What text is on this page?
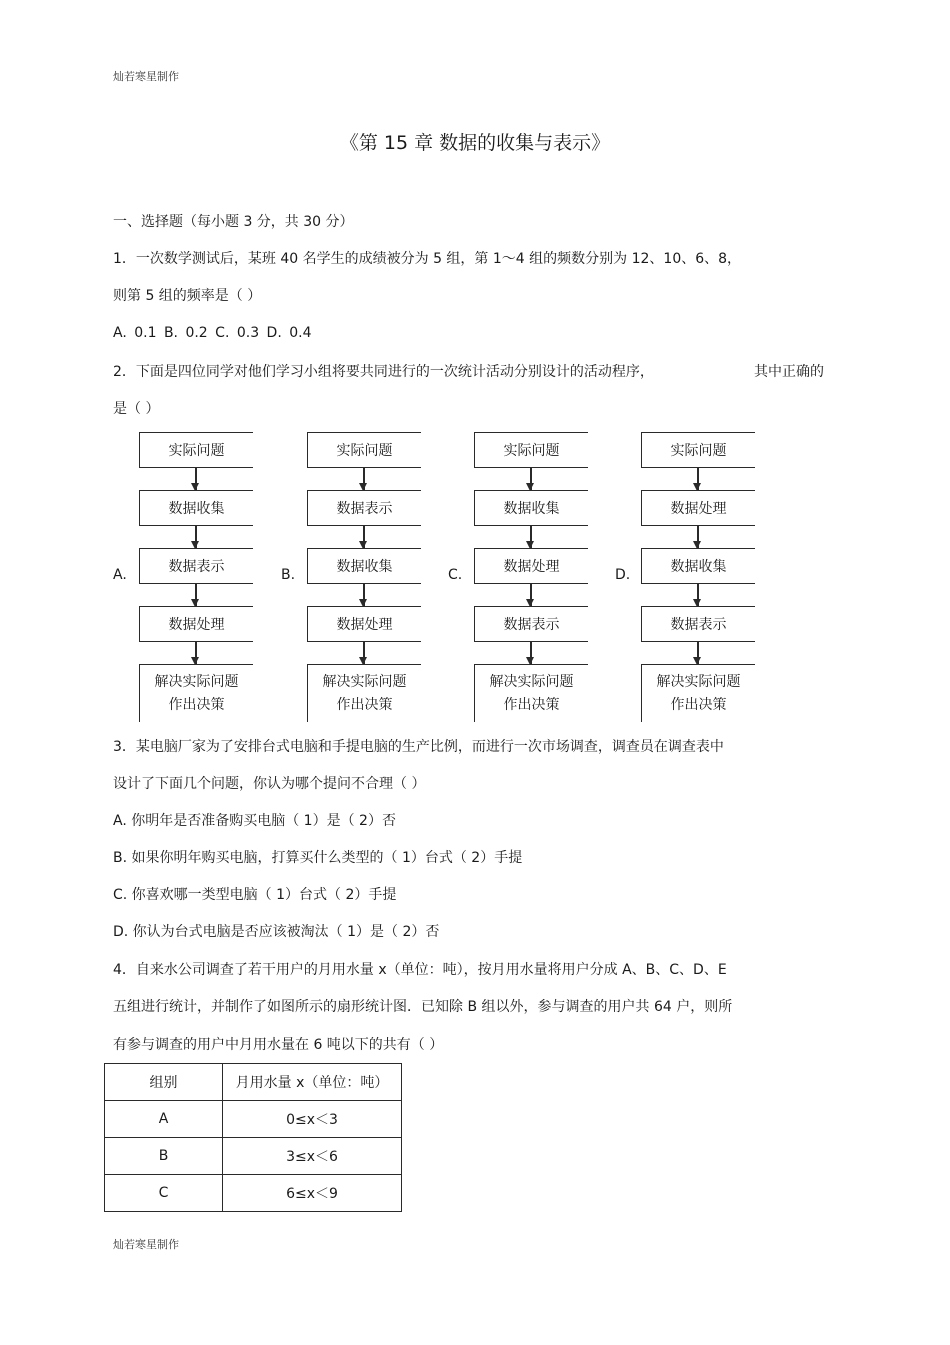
灿若寒星制作
《第 15 章 数据的收集与表示》
一、选择题（每小题 3 分，共 30 分）
1．一次数学测试后，某班 40 名学生的成绩被分为 5 组，第 1～4 组的频数分别为 12、10、6、8，
则第 5 组的频率是（ ）
A. 0.1 B. 0.2 C. 0.3 D. 0.4
2．下面是四位同学对他们学习小组将要共同进行的一次统计活动分别设计的活动程序，	其中正确的
是（ ）
A.
实际问题
数据收集
数据表示
数据处理
解决实际问题
作出决策
B.
实际问题
数据表示
数据收集
数据处理
解决实际问题
作出决策
C.
实际问题
数据收集
数据处理
数据表示
解决实际问题
作出决策
D.
实际问题
数据处理
数据收集
数据表示
解决实际问题
作出决策
3．某电脑厂家为了安排台式电脑和手提电脑的生产比例，而进行一次市场调查，调查员在调查表中
设计了下面几个问题，你认为哪个提问不合理（ ）
A. 你明年是否准备购买电脑（ 1）是（ 2）否
B. 如果你明年购买电脑，打算买什么类型的（ 1）台式（ 2）手提
C. 你喜欢哪一类型电脑（ 1）台式（ 2）手提
D. 你认为台式电脑是否应该被淘汰（ 1）是（ 2）否
4．自来水公司调查了若干用户的月用水量 x（单位：吨），按月用水量将用户分成 A、B、C、D、E
五组进行统计，并制作了如图所示的扇形统计图．已知除 B 组以外，参与调查的用户共 64 户，则所
有参与调查的用户中月用水量在 6 吨以下的共有（ ）
组别	月用水量 x（单位：吨）
A	0≤x＜3
B	3≤x＜6
C	6≤x＜9
灿若寒星制作
